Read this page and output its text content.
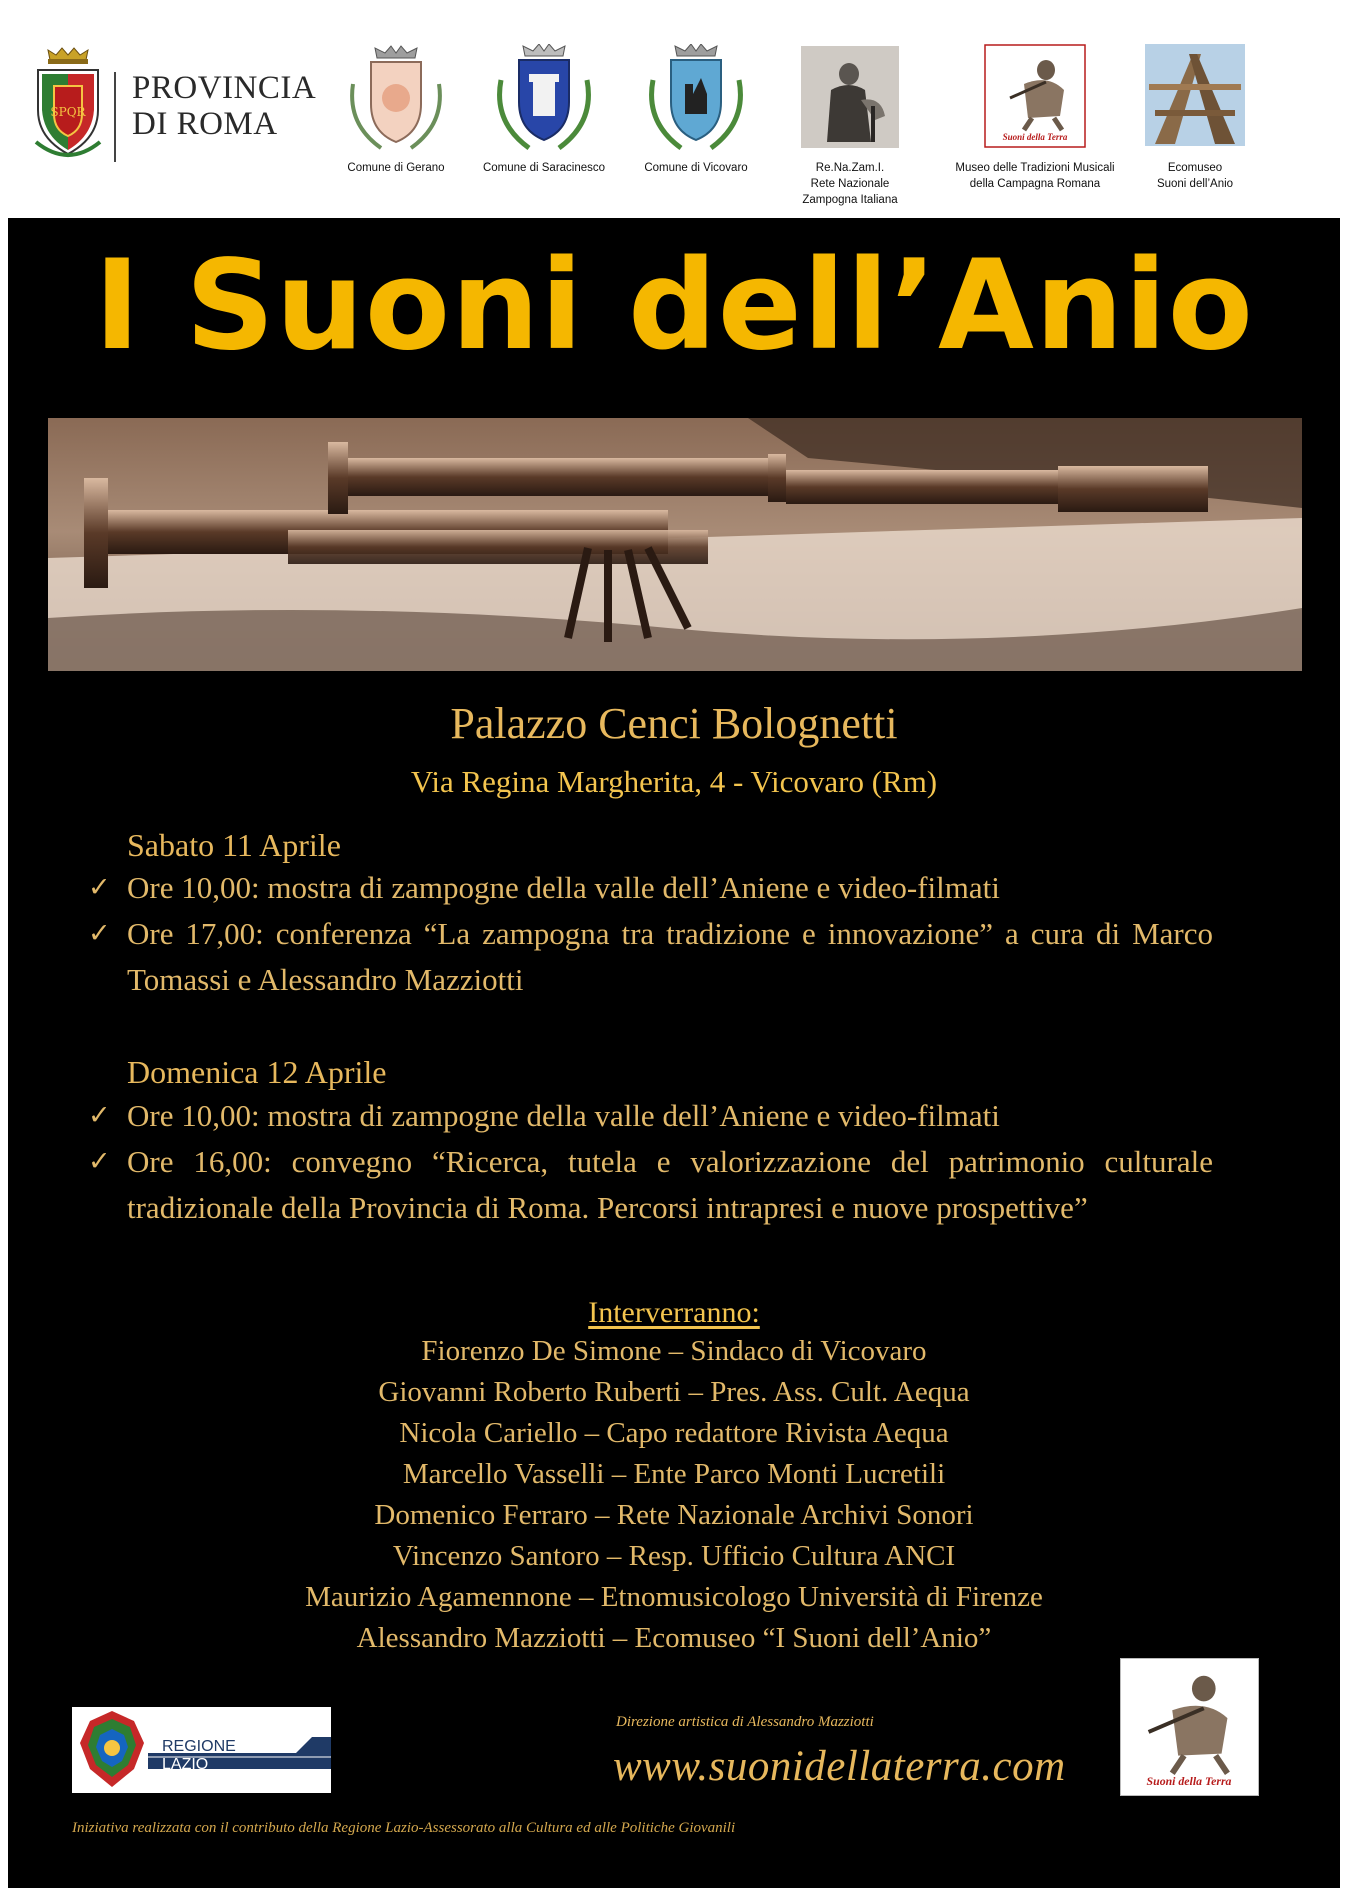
SPQR
PROVINCIA
DI ROMA
Comune di Gerano	Comune di Saracinesco	Comune di Vicovaro	Re.Na.Zam.I.
Rete Nazionale
Zampogna Italiana
Suoni della Terra
Museo delle Tradizioni Musicali
della Campagna Romana
Ecomuseo
Suoni dell’Anio
I Suoni dell’Anio
Palazzo Cenci Bolognetti
Via Regina Margherita, 4 - Vicovaro (Rm)
Sabato 11 Aprile
✓ Ore 10,00: mostra di zampogne della valle dell’Aniene e video-filmati
✓ Ore 17,00: conferenza “La zampogna tra tradizione e innovazione” a cura di Marco Tomassi e Alessandro Mazziotti
Domenica 12 Aprile
✓ Ore 10,00: mostra di zampogne della valle dell’Aniene e video-filmati
✓ Ore 16,00: convegno “Ricerca, tutela e valorizzazione del patrimonio culturale tradizionale della Provincia di Roma. Percorsi intrapresi e nuove prospettive”
Interverranno:
Fiorenzo De Simone – Sindaco di Vicovaro
Giovanni Roberto Ruberti – Pres. Ass. Cult. Aequa
Nicola Cariello – Capo redattore Rivista Aequa
Marcello Vasselli – Ente Parco Monti Lucretili
Domenico Ferraro – Rete Nazionale Archivi Sonori
Vincenzo Santoro – Resp. Ufficio Cultura ANCI
Maurizio Agamennone – Etnomusicologo Università di Firenze
Alessandro Mazziotti – Ecomuseo “I Suoni dell’Anio”
REGIONE
LAZIO
Direzione artistica di Alessandro Mazziotti
www.suonidellaterra.com	Suoni della Terra
Iniziativa realizzata con il contributo della Regione Lazio-Assessorato alla Cultura ed alle Politiche Giovanili
